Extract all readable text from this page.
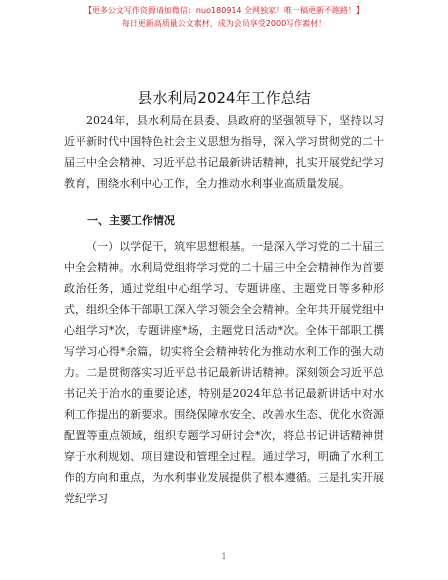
【更多公文写作资源请加微信：nuo180914 全网独家！唯一稿更新不跑路！】
每日更新高质量公文素材，成为会员享受2000写作素材！
县水利局2024年工作总结
2024年，县水利局在县委、县政府的坚强领导下，坚持以习近平新时代中国特色社会主义思想为指导，深入学习贯彻党的二十届三中全会精神、习近平总书记最新讲话精神，扎实开展党纪学习教育，围绕水利中心工作，全力推动水利事业高质量发展。
一、主要工作情况
（一）以学促干，筑牢思想根基。一是深入学习党的二十届三中全会精神。水利局党组将学习党的二十届三中全会精神作为首要政治任务，通过党组中心组学习、专题讲座、主题党日等多种形式，组织全体干部职工深入学习领会全会精神。全年共开展党组中心组学习*次，专题讲座*场，主题党日活动*次。全体干部职工撰写学习心得*余篇，切实将全会精神转化为推动水利工作的强大动力。二是贯彻落实习近平总书记最新讲话精神。深刻领会习近平总书记关于治水的重要论述，特别是2024年总书记最新讲话中对水利工作提出的新要求。围绕保障水安全、改善水生态、优化水资源配置等重点领域，组织专题学习研讨会*次，将总书记讲话精神贯穿于水利规划、项目建设和管理全过程。通过学习，明确了水利工作的方向和重点，为水利事业发展提供了根本遵循。三是扎实开展党纪学习
1
